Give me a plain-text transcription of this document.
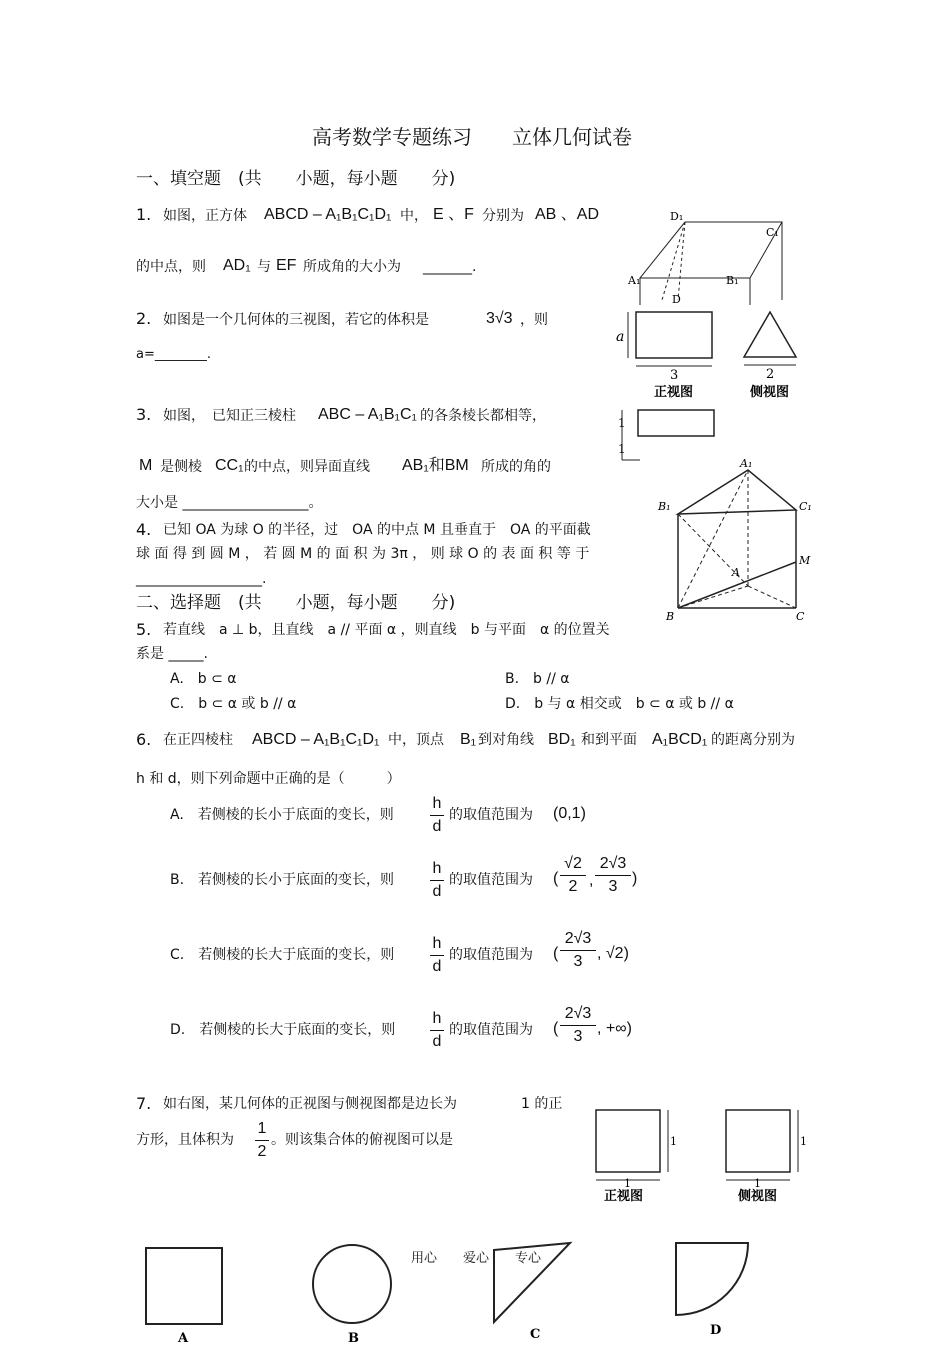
高考数学专题练习　　立体几何试卷
一、填空题　(共　　小题，每小题　　分)
1. 如图，正方体 ABCD – A₁B₁C₁D₁ 中， E 、F 分别为 AB 、AD
的中点，则 AD₁ 与 EF 所成角的大小为 _______.
D₁
C₁
A₁	B₁
D
2. 如图是一个几何体的三视图，若它的体积是	3√3 ，则
a=________.
a
3
正视图
2
侧视图
1
1
3. 如图， 已知正三棱柱 ABC – A₁B₁C₁ 的各条棱长都相等，
M 是侧棱 CC₁ 的中点，则异面直线 AB₁和BM 所成的角的
大小是 __________________。
A₁
B₁	C₁
M
A
B	C
4. 已知 OA 为球 O 的半径，过　OA 的中点 M 且垂直于　OA 的平面截
球 面 得 到 圆 M ， 若 圆 M 的 面 积 为 3π ， 则 球 O 的 表 面 积 等 于
__________________.
二、选择题　(共　　小题，每小题　　分)
5. 若直线　a ⊥ b，且直线　a // 平面 α ，则直线　b 与平面　α 的位置关
系是 _____.
A.　b ⊂ α	B.　b // α
C.　b ⊂ α 或 b // α	D.　b 与 α 相交或　b ⊂ α 或 b // α
6. 在正四棱柱 ABCD – A₁B₁C₁D₁ 中，顶点 B₁ 到对角线 BD₁ 和到平面 A₁BCD₁ 的距离分别为
h 和 d，则下列命题中正确的是（　　　）
A.　若侧棱的长小于底面的变长，则
h
d
的取值范围为 (0,1)
B.　若侧棱的长小于底面的变长，则
h
d
的取值范围为 (
√2
2 ,
2√3
3 )
C.　若侧棱的长大于底面的变长，则
h
d
的取值范围为 (
2√3
3 , √2)
D.　若侧棱的长大于底面的变长，则
h
d
的取值范围为 (
2√3
3 , +∞)
7. 如右图，某几何体的正视图与侧视图都是边长为	1 的正
方形，且体积为
1
2
。则该集合体的俯视图可以是	1
1
正视图
1
1
侧视图
用心　　爱心　　专心
A	B	C	D
